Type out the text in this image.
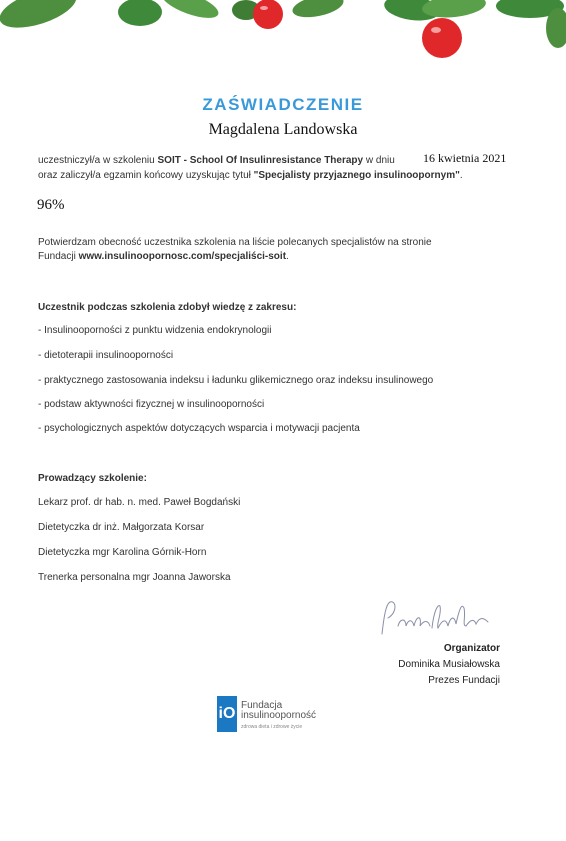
ZAŚWIADCZENIE
Magdalena Landowska
uczestniczył/a w szkoleniu SOIT - School Of Insulinresistance Therapy w dniu 16 kwietnia 2021
oraz zaliczył/a egzamin końcowy uzyskując tytuł "Specjalisty przyjaznego insulinoopornym".
96%
Potwierdzam obecność uczestnika szkolenia na liście polecanych specjalistów na stronie
Fundacji www.insulinoopornosc.com/specjaliści-soit.
Uczestnik podczas szkolenia zdobył wiedzę z zakresu:
- Insulinooporności z punktu widzenia endokrynologii
- dietoterapii insulinooporności
- praktycznego zastosowania indeksu i ładunku glikemicznego oraz indeksu insulinowego
- podstaw aktywności fizycznej w insulinooporności
- psychologicznych aspektów dotyczących wsparcia i motywacji pacjenta
Prowadzący szkolenie:
Lekarz prof. dr hab. n. med. Paweł Bogdański
Dietetyczka dr inż. Małgorzata Korsar
Dietetyczka mgr Karolina Górnik-Horn
Trenerka personalna mgr Joanna Jaworska
Organizator
Dominika Musiałowska
Prezes Fundacji
iO Fundacja
insulinooporność
zdrowa dieta i zdrowe życie
